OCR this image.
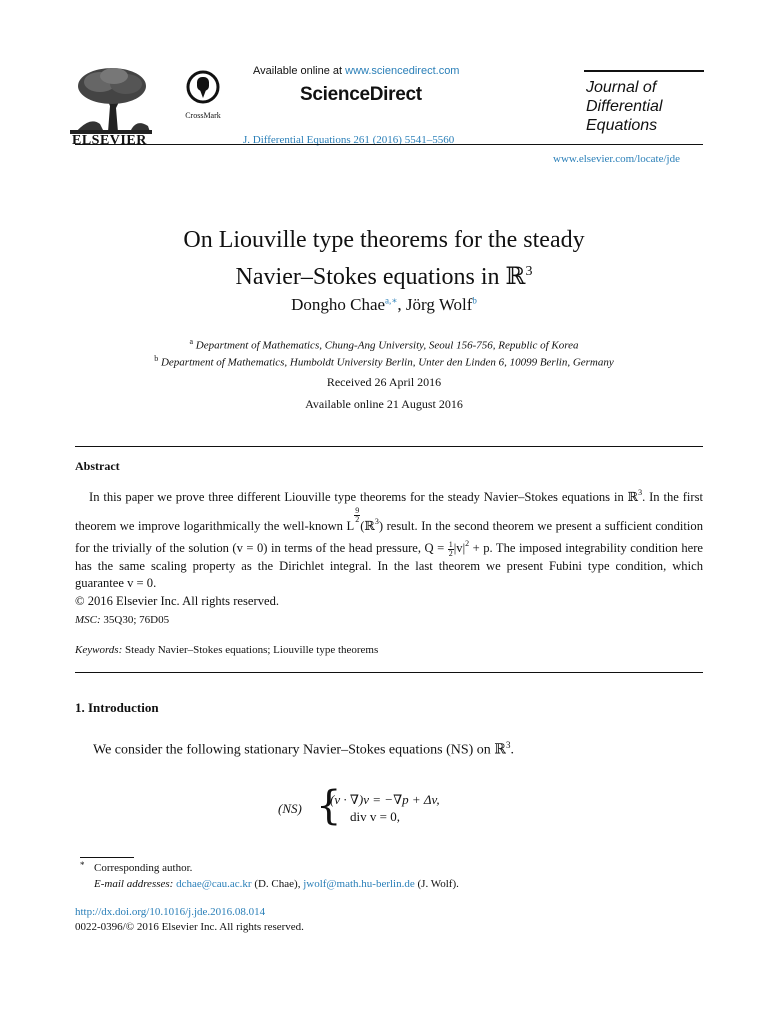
ELSEVIER
CrossMark
Available online at www.sciencedirect.com
ScienceDirect
J. Differential Equations 261 (2016) 5541–5560
Journal of
Differential
Equations
www.elsevier.com/locate/jde
On Liouville type theorems for the steady
Navier–Stokes equations in ℝ$^3$
Dongho Chae$^{a,∗}$, Jörg Wolf$^b$
$^a$ Department of Mathematics, Chung-Ang University, Seoul 156-756, Republic of Korea
$^b$ Department of Mathematics, Humboldt University Berlin, Unter den Linden 6, 10099 Berlin, Germany
Received 26 April 2016
Available online 21 August 2016
Abstract
In this paper we prove three different Liouville type theorems for the steady Navier–Stokes equations in ℝ$^3$. In the first theorem we improve logarithmically the well-known L
$\frac{9}{2}$
(ℝ$^3$) result. In the second theorem we present a sufficient condition for the trivially of the solution (v = 0) in terms of the head pressure, $Q = \frac{1}{2} |v|^2 + p$. The imposed integrability condition here has the same scaling property as the Dirichlet integral. In the last theorem we present Fubini type condition, which guarantee v = 0.
© 2016 Elsevier Inc. All rights reserved.
MSC: 35Q30; 76D05
Keywords: Steady Navier–Stokes equations; Liouville type theorems
1. Introduction
We consider the following stationary Navier–Stokes equations (NS) on ℝ$^3$.
(NS) {
(v · ∇)v = −∇p + Δv,
div v = 0,
* Corresponding author.
E-mail addresses: dchae@cau.ac.kr (D. Chae), jwolf@math.hu-berlin.de (J. Wolf).
http://dx.doi.org/10.1016/j.jde.2016.08.014
0022-0396/© 2016 Elsevier Inc. All rights reserved.
